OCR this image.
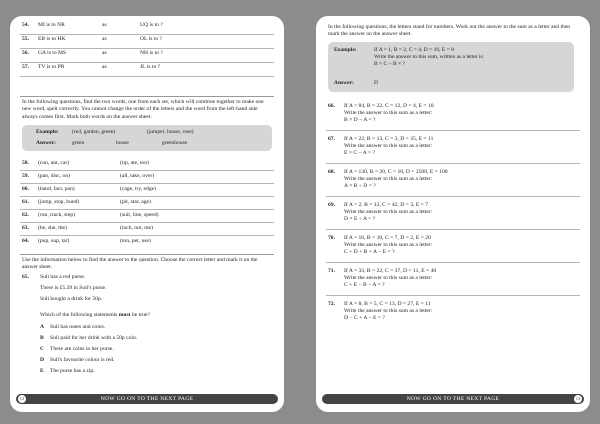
54. MI is to NR	as	UQ is to ?
55. EB is to HK	as	OL is to ?
56. GA is to MS	as	NH is to ?
57. TV is to PR	as	JL is to ?
In the following questions, find the two words, one from each set, which will combine together to make one new word, spelt correctly. You cannot change the order of the letters and the word from the left-hand side always comes first. Mark both words on the answer sheet.
Example: (red, garden, green)	(jumper, house, rose)
Answer:	green	house	greenhouse
58. (con, ant, car)	(tip, ate, ton)
59. (pan, disc, on)	(all, take, over)
60. (band, fact, pan)	(cage, try, edge)
61. (jump, stop, bund)	(pit, star, age)
62. (run, track, step)	(suit, line, speed)
63. (he, she, the)	(inch, not, me)
64. (pup, sup, tar)	(ton, pet, use)
Use the information below to find the answer to the question. Choose the correct letter and mark it on the answer sheet.
65. Suli has a red purse.
There is £5.39 in Suli's purse.
Suli bought a drink for 50p.
Which of the following statements must be true?
A Suli has notes and coins.
B Suli paid for her drink with a 50p coin.
C There are coins in her purse.
D Suli's favourite colour is red.
E The purse has a zip.
12	NOW GO ON TO THE NEXT PAGE
In the following questions, the letters stand for numbers. Work out the answer to the sum as a letter and then mark the answer on the answer sheet.
Example:	If A = 1, B = 2, C = 4, D = 10, E = 8
Write the answer to this sum, written as a letter is:
B × C ÷ B × ?
Answer:	D
66. If A = 84, B = 22, C = 12, D = 4, E = 10
Write the answer to this sum as a letter:
B × D − A = ?
67. If A = 22, B = 13, C = 3, D = 35, E = 11
Write the answer to this sum as a letter:
E × C − A = ?
68. If A = 130, B = 20, C = 10, D = 2500, E = 100
Write the answer to this sum as a letter:
A × B ÷ D = ?
69. If A = 2, B = 12, C = 42, D = 3, E = 7
Write the answer to this sum as a letter:
D × E ÷ A = ?
70. If A = 16, B = 10, C = 7, D = 2, E = 20
Write the answer to this sum as a letter:
C + D + B + A − E = ?
71. If A = 33, B = 22, C = 37, D = 11, E = 40
Write the answer to this sum as a letter:
C + E − B − A = ?
72. If A = 8, B = 5, C = 13, D = 27, E = 11
Write the answer to this sum as a letter:
D − C + A − E = ?
NOW GO ON TO THE NEXT PAGE	13
